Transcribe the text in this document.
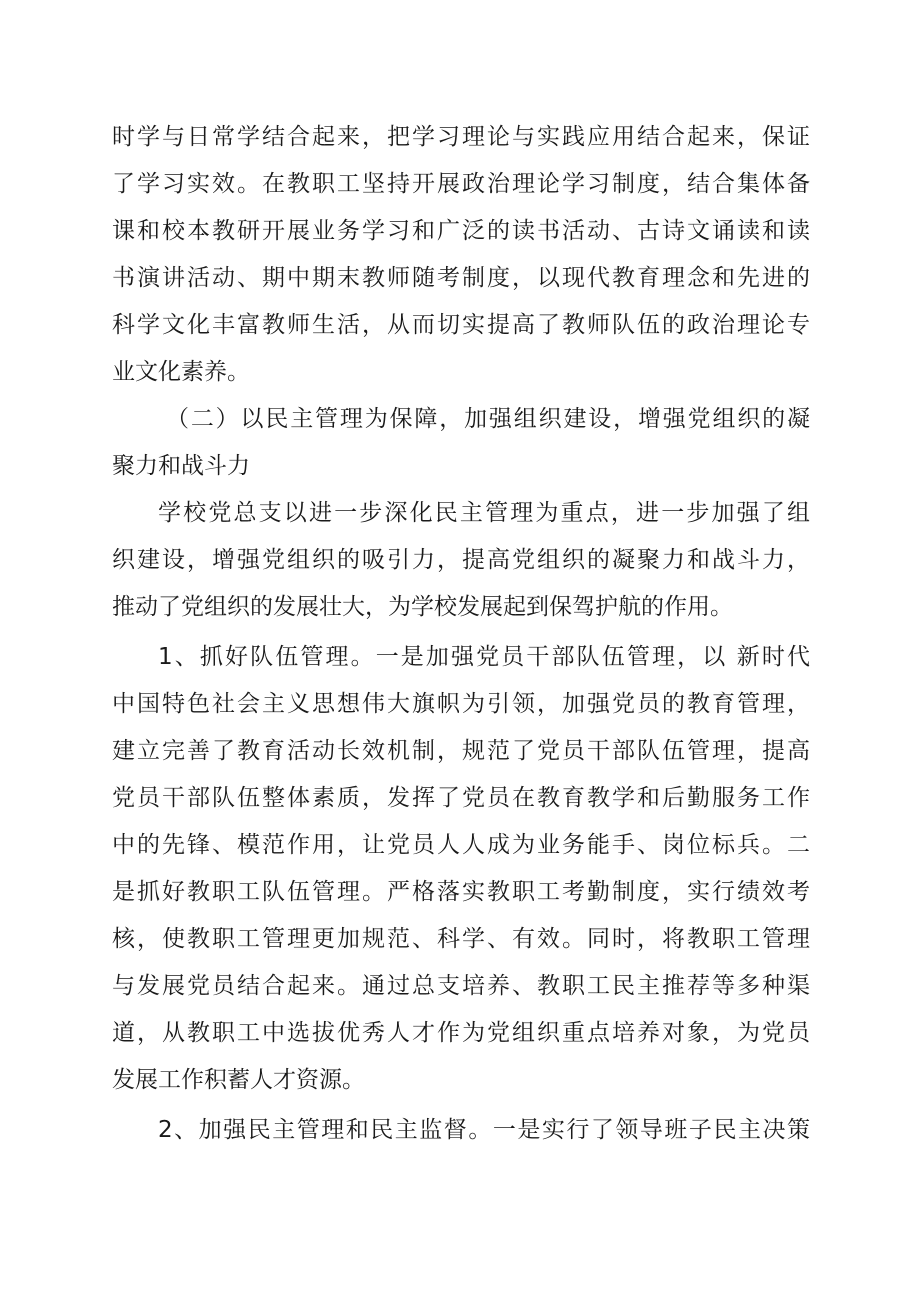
时学与日常学结合起来，把学习理论与实践应用结合起来，保证
了学习实效。在教职工坚持开展政治理论学习制度，结合集体备
课和校本教研开展业务学习和广泛的读书活动、古诗文诵读和读
书演讲活动、期中期末教师随考制度，以现代教育理念和先进的
科学文化丰富教师生活，从而切实提高了教师队伍的政治理论专
业文化素养。
（二）以民主管理为保障，加强组织建设，增强党组织的凝
聚力和战斗力
学校党总支以进一步深化民主管理为重点，进一步加强了组
织建设，增强党组织的吸引力，提高党组织的凝聚力和战斗力，
推动了党组织的发展壮大，为学校发展起到保驾护航的作用。
1、抓好队伍管理。一是加强党员干部队伍管理，以 新时代
中国特色社会主义思想伟大旗帜为引领，加强党员的教育管理，
建立完善了教育活动长效机制，规范了党员干部队伍管理，提高
党员干部队伍整体素质，发挥了党员在教育教学和后勤服务工作
中的先锋、模范作用，让党员人人成为业务能手、岗位标兵。二
是抓好教职工队伍管理。严格落实教职工考勤制度，实行绩效考
核，使教职工管理更加规范、科学、有效。同时，将教职工管理
与发展党员结合起来。通过总支培养、教职工民主推荐等多种渠
道，从教职工中选拔优秀人才作为党组织重点培养对象，为党员
发展工作积蓄人才资源。
2、加强民主管理和民主监督。一是实行了领导班子民主决策
